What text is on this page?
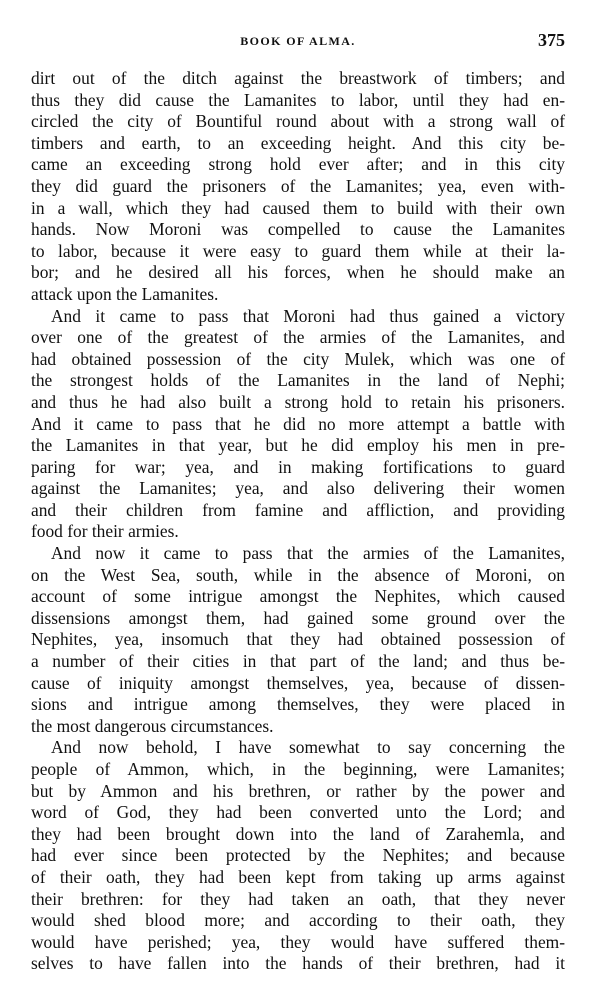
BOOK OF ALMA.	375
dirt out of the ditch against the breastwork of timbers; and
thus they did cause the Lamanites to labor, until they had en-
circled the city of Bountiful round about with a strong wall of
timbers and earth, to an exceeding height. And this city be-
came an exceeding strong hold ever after; and in this city
they did guard the prisoners of the Lamanites; yea, even with-
in a wall, which they had caused them to build with their own
hands. Now Moroni was compelled to cause the Lamanites
to labor, because it were easy to guard them while at their la-
bor; and he desired all his forces, when he should make an
attack upon the Lamanites.
And it came to pass that Moroni had thus gained a victory
over one of the greatest of the armies of the Lamanites, and
had obtained possession of the city Mulek, which was one of
the strongest holds of the Lamanites in the land of Nephi;
and thus he had also built a strong hold to retain his prisoners.
And it came to pass that he did no more attempt a battle with
the Lamanites in that year, but he did employ his men in pre-
paring for war; yea, and in making fortifications to guard
against the Lamanites; yea, and also delivering their women
and their children from famine and affliction, and providing
food for their armies.
And now it came to pass that the armies of the Lamanites,
on the West Sea, south, while in the absence of Moroni, on
account of some intrigue amongst the Nephites, which caused
dissensions amongst them, had gained some ground over the
Nephites, yea, insomuch that they had obtained possession of
a number of their cities in that part of the land; and thus be-
cause of iniquity amongst themselves, yea, because of dissen-
sions and intrigue among themselves, they were placed in
the most dangerous circumstances.
And now behold, I have somewhat to say concerning the
people of Ammon, which, in the beginning, were Lamanites;
but by Ammon and his brethren, or rather by the power and
word of God, they had been converted unto the Lord; and
they had been brought down into the land of Zarahemla, and
had ever since been protected by the Nephites; and because
of their oath, they had been kept from taking up arms against
their brethren: for they had taken an oath, that they never
would shed blood more; and according to their oath, they
would have perished; yea, they would have suffered them-
selves to have fallen into the hands of their brethren, had it
